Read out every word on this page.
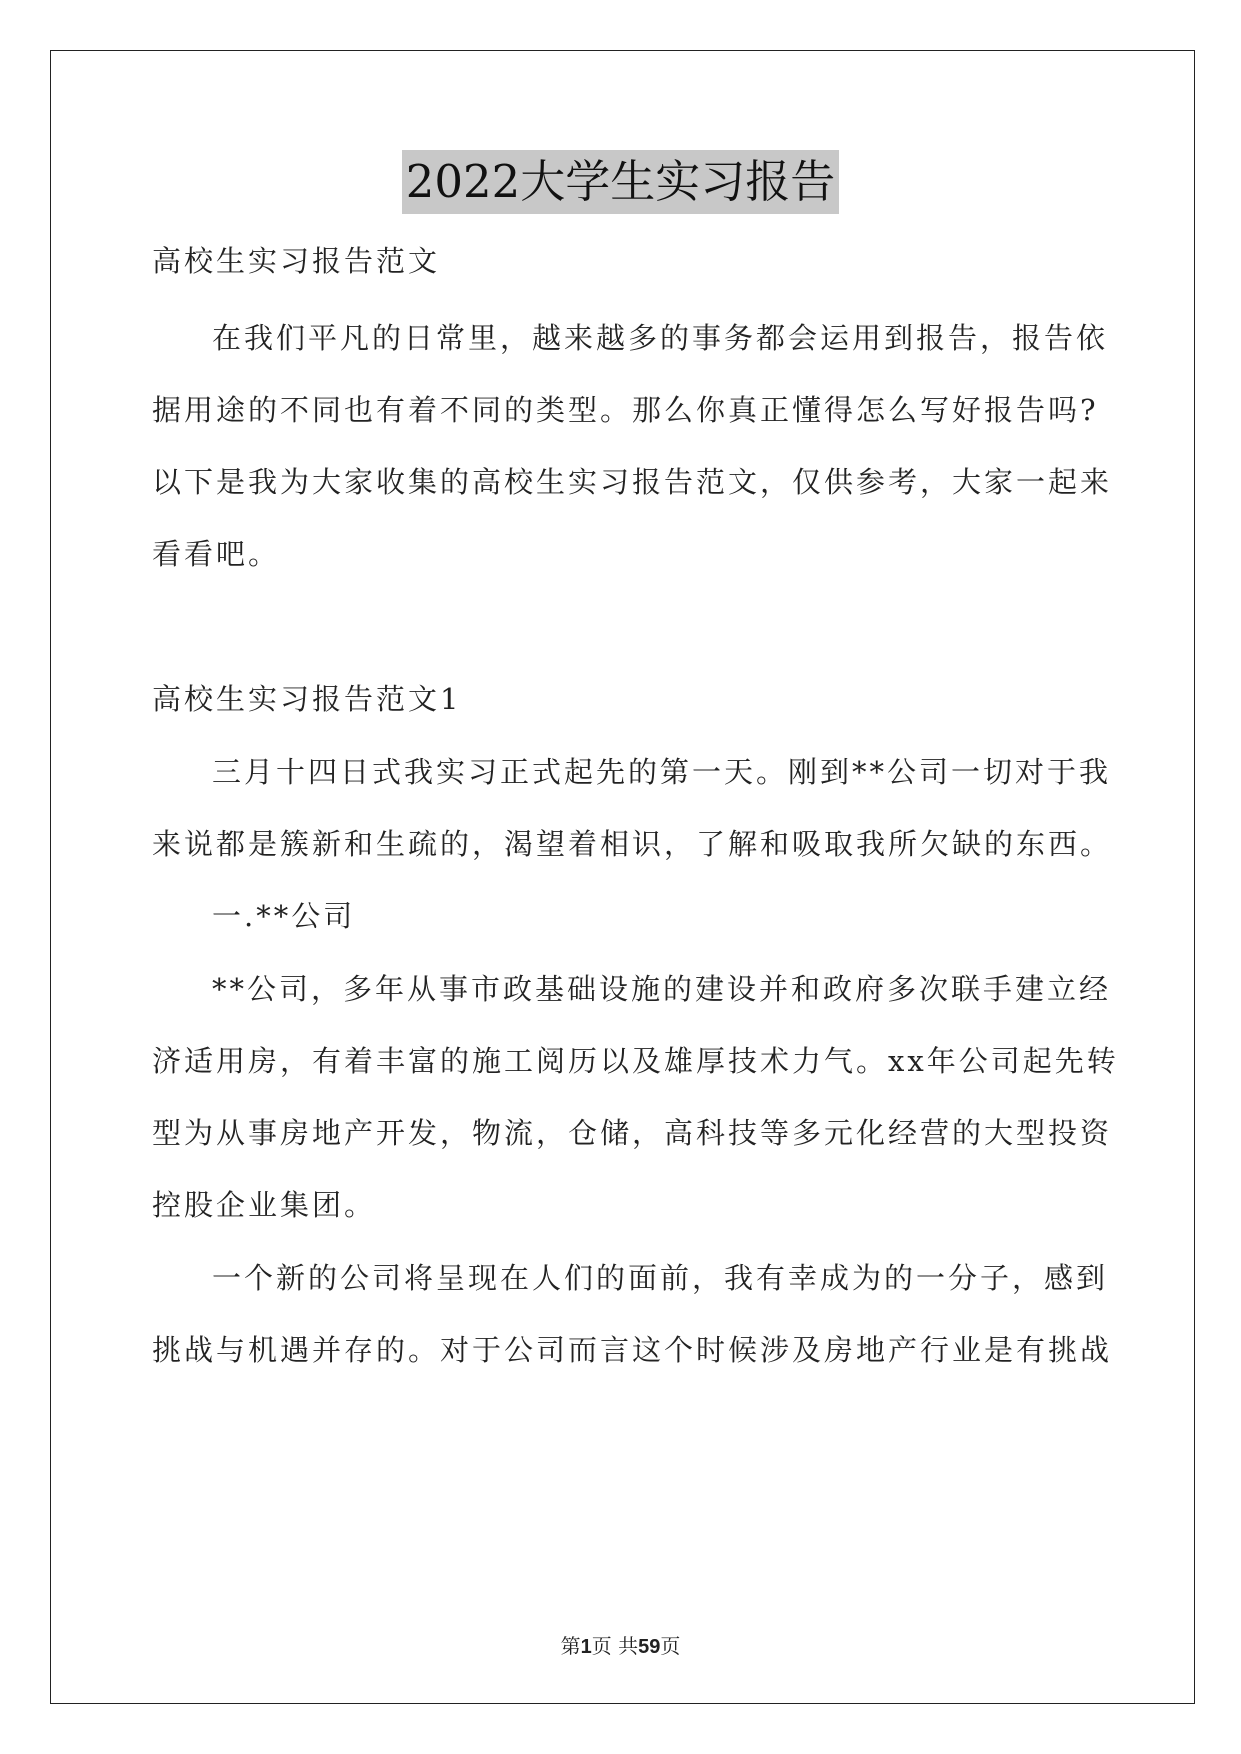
2022大学生实习报告
高校生实习报告范文
在我们平凡的日常里，越来越多的事务都会运用到报告，报告依
据用途的不同也有着不同的类型。那么你真正懂得怎么写好报告吗?
以下是我为大家收集的高校生实习报告范文，仅供参考，大家一起来
看看吧。
高校生实习报告范文1
三月十四日式我实习正式起先的第一天。刚到**公司一切对于我
来说都是簇新和生疏的，渴望着相识，了解和吸取我所欠缺的东西。
一.**公司
**公司，多年从事市政基础设施的建设并和政府多次联手建立经
济适用房，有着丰富的施工阅历以及雄厚技术力气。xx年公司起先转
型为从事房地产开发，物流，仓储，高科技等多元化经营的大型投资
控股企业集团。
一个新的公司将呈现在人们的面前，我有幸成为的一分子，感到
挑战与机遇并存的。对于公司而言这个时候涉及房地产行业是有挑战
第1页 共59页
